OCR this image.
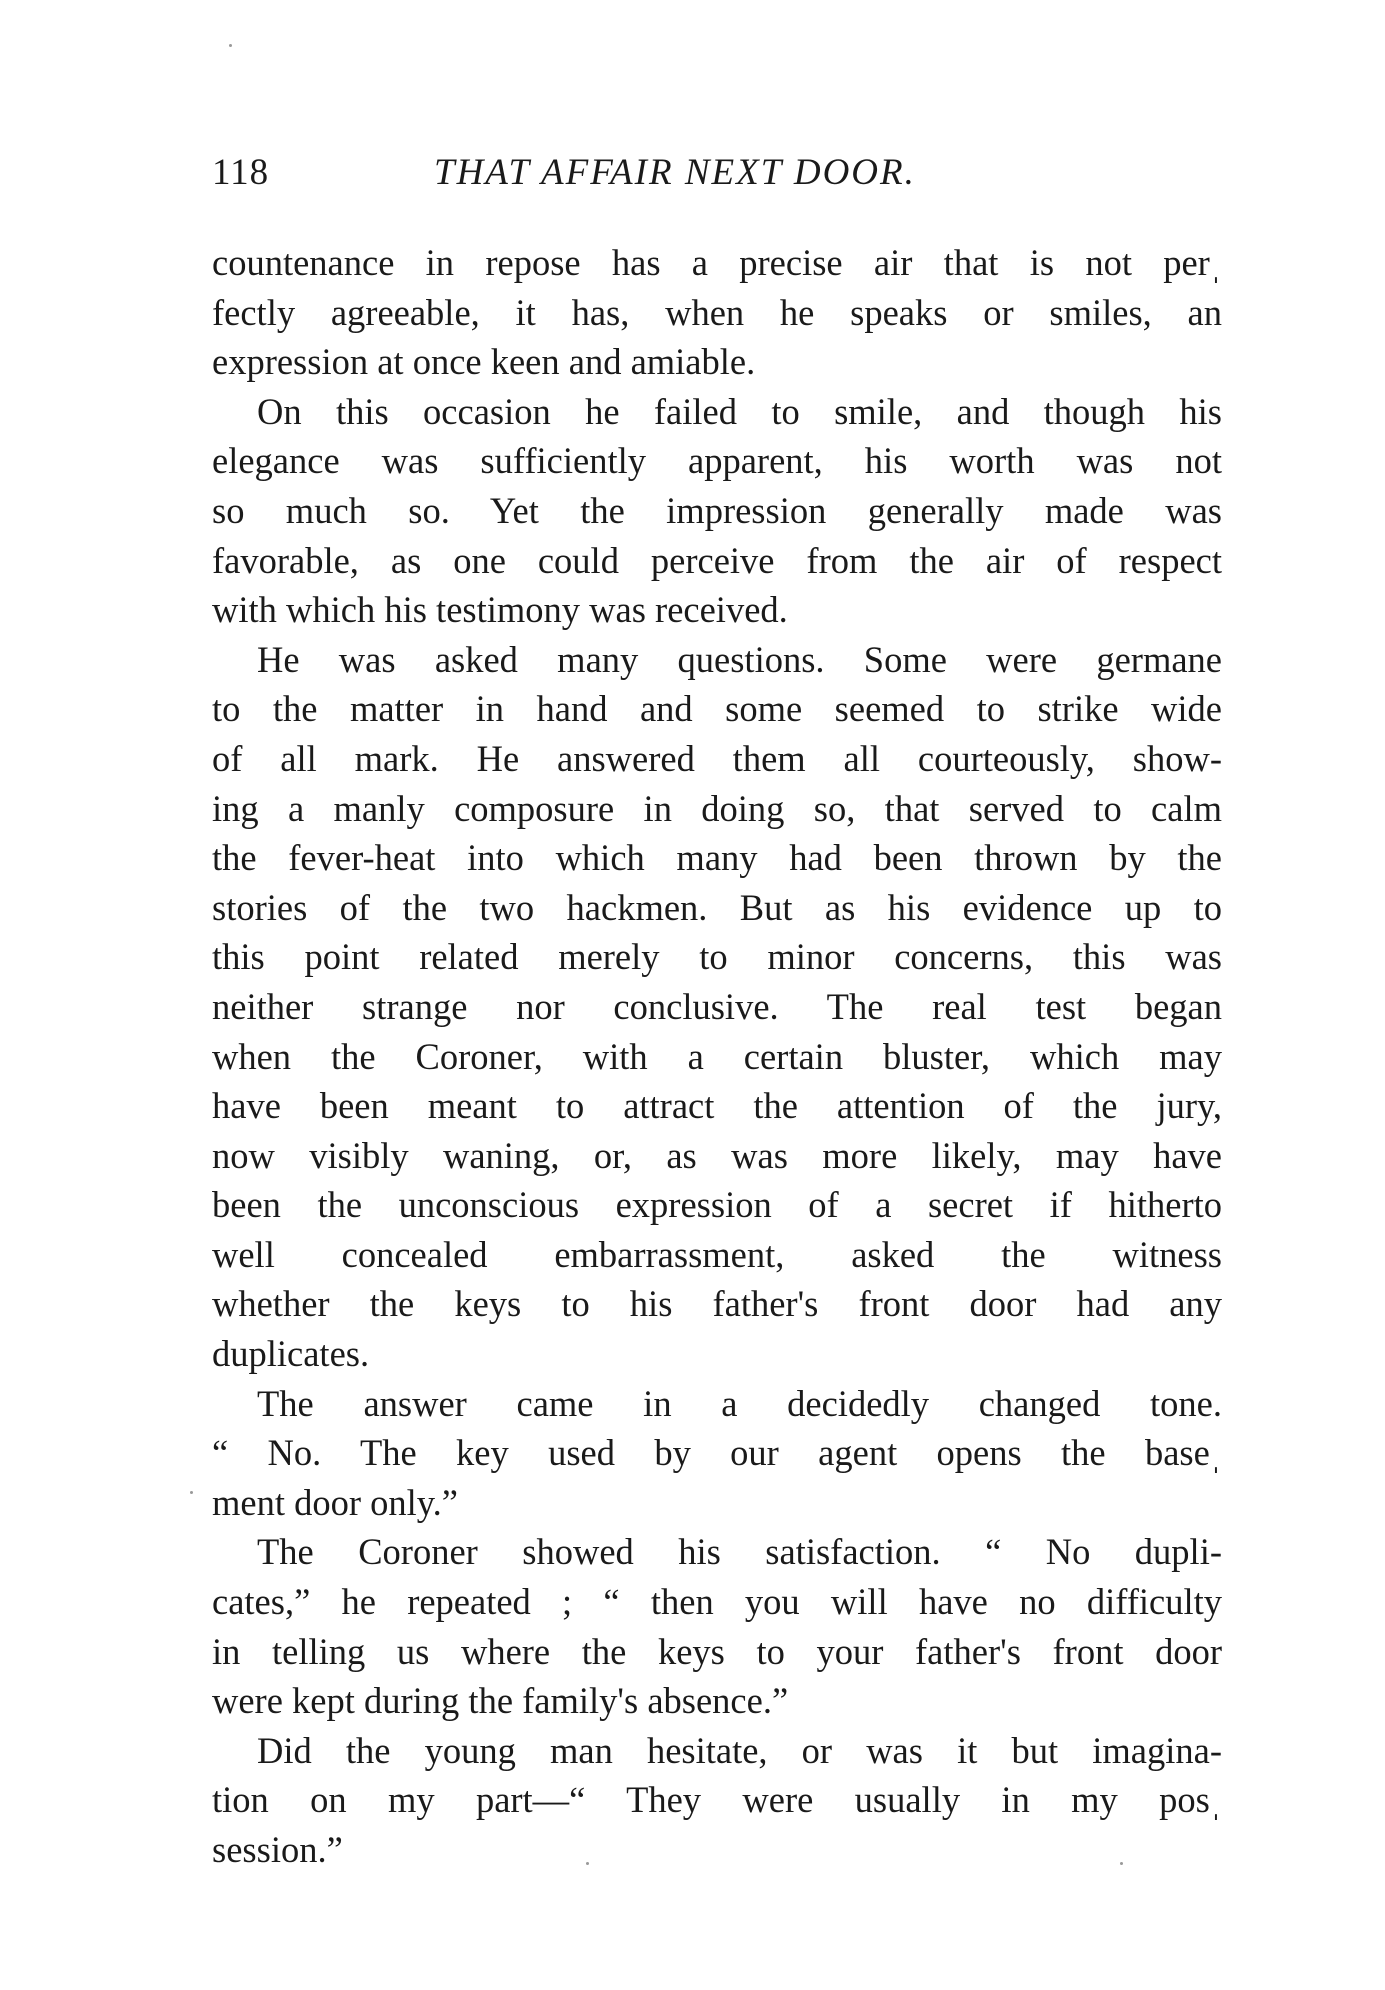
118	THAT AFFAIR NEXT DOOR.
countenance in repose has a precise air that is not perˌ
fectly agreeable, it has, when he speaks or smiles, an
expression at once keen and amiable.
On this occasion he failed to smile, and though his
elegance was sufficiently apparent, his worth was not
so much so. Yet the impression generally made was
favorable, as one could perceive from the air of respect
with which his testimony was received.
He was asked many questions. Some were germane
to the matter in hand and some seemed to strike wide
of all mark. He answered them all courteously, show-
ing a manly composure in doing so, that served to calm
the fever-heat into which many had been thrown by the
stories of the two hackmen. But as his evidence up to
this point related merely to minor concerns, this was
neither strange nor conclusive. The real test began
when the Coroner, with a certain bluster, which may
have been meant to attract the attention of the jury,
now visibly waning, or, as was more likely, may have
been the unconscious expression of a secret if hitherto
well concealed embarrassment, asked the witness
whether the keys to his father's front door had any
duplicates.
The answer came in a decidedly changed tone.
“ No. The key used by our agent opens the baseˌ
ment door only.”
The Coroner showed his satisfaction. “ No dupli-
cates,” he repeated ; “ then you will have no difficulty
in telling us where the keys to your father's front door
were kept during the family's absence.”
Did the young man hesitate, or was it but imagina-
tion on my part—“ They were usually in my posˌ
session.”
